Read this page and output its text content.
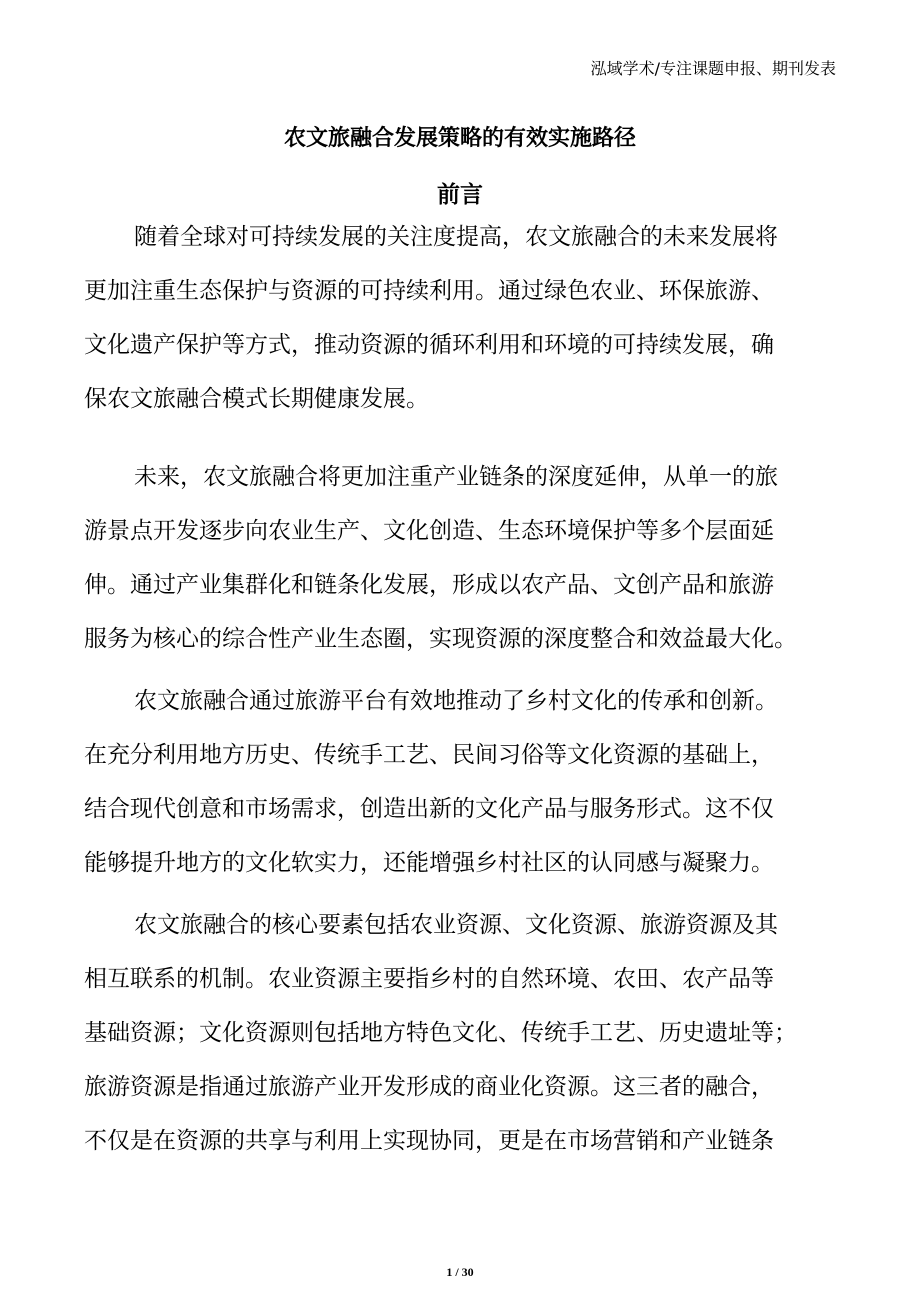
泓域学术/专注课题申报、期刊发表
农文旅融合发展策略的有效实施路径
前言
随着全球对可持续发展的关注度提高，农文旅融合的未来发展将
更加注重生态保护与资源的可持续利用。通过绿色农业、环保旅游、
文化遗产保护等方式，推动资源的循环利用和环境的可持续发展，确
保农文旅融合模式长期健康发展。
未来，农文旅融合将更加注重产业链条的深度延伸，从单一的旅
游景点开发逐步向农业生产、文化创造、生态环境保护等多个层面延
伸。通过产业集群化和链条化发展，形成以农产品、文创产品和旅游
服务为核心的综合性产业生态圈，实现资源的深度整合和效益最大化。
农文旅融合通过旅游平台有效地推动了乡村文化的传承和创新。
在充分利用地方历史、传统手工艺、民间习俗等文化资源的基础上，
结合现代创意和市场需求，创造出新的文化产品与服务形式。这不仅
能够提升地方的文化软实力，还能增强乡村社区的认同感与凝聚力。
农文旅融合的核心要素包括农业资源、文化资源、旅游资源及其
相互联系的机制。农业资源主要指乡村的自然环境、农田、农产品等
基础资源；文化资源则包括地方特色文化、传统手工艺、历史遗址等；
旅游资源是指通过旅游产业开发形成的商业化资源。这三者的融合，
不仅是在资源的共享与利用上实现协同，更是在市场营销和产业链条
1 / 30
